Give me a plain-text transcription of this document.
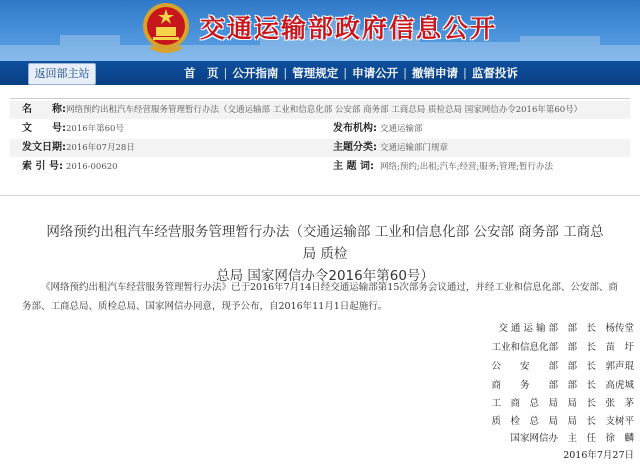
交通运输部政府信息公开
返回部主站	首　页 | 公开指南 | 管理规定 | 申请公开 | 撤销申请 | 监督投诉
名　　称: 网络预约出租汽车经营服务管理暂行办法（交通运输部 工业和信息化部 公安部 商务部 工商总局 质检总局 国家网信办令2016年第60号）
文　　号: 2016年第60号	发布机构: 交通运输部
发文日期: 2016年07月28日	主题分类: 交通运输部门规章
索 引 号: 2016-00620	主 题 词: 网络;预约;出租;汽车;经营;服务;管理;暂行办法
网络预约出租汽车经营服务管理暂行办法（交通运输部 工业和信息化部 公安部 商务部 工商总局 质检
总局 国家网信办令2016年第60号）
《网络预约出租汽车经营服务管理暂行办法》已于2016年7月14日经交通运输部第15次部务会议通过，并经工业和信息化部、公安部、商务部、工商总局、质检总局、国家网信办同意，现予公布，自2016年11月1日起施行。
交 通 运 输 部　部　长　杨传堂
工业和信息化部　部　长　苗　圩
公　　安　　部　部　长　郭声琨
商　　务　　部　部　长　高虎城
工　商　总　局　局　长　张　茅
质　检　总　局　局　长　支树平
国家网信办　主　任　徐　麟
2016年7月27日
